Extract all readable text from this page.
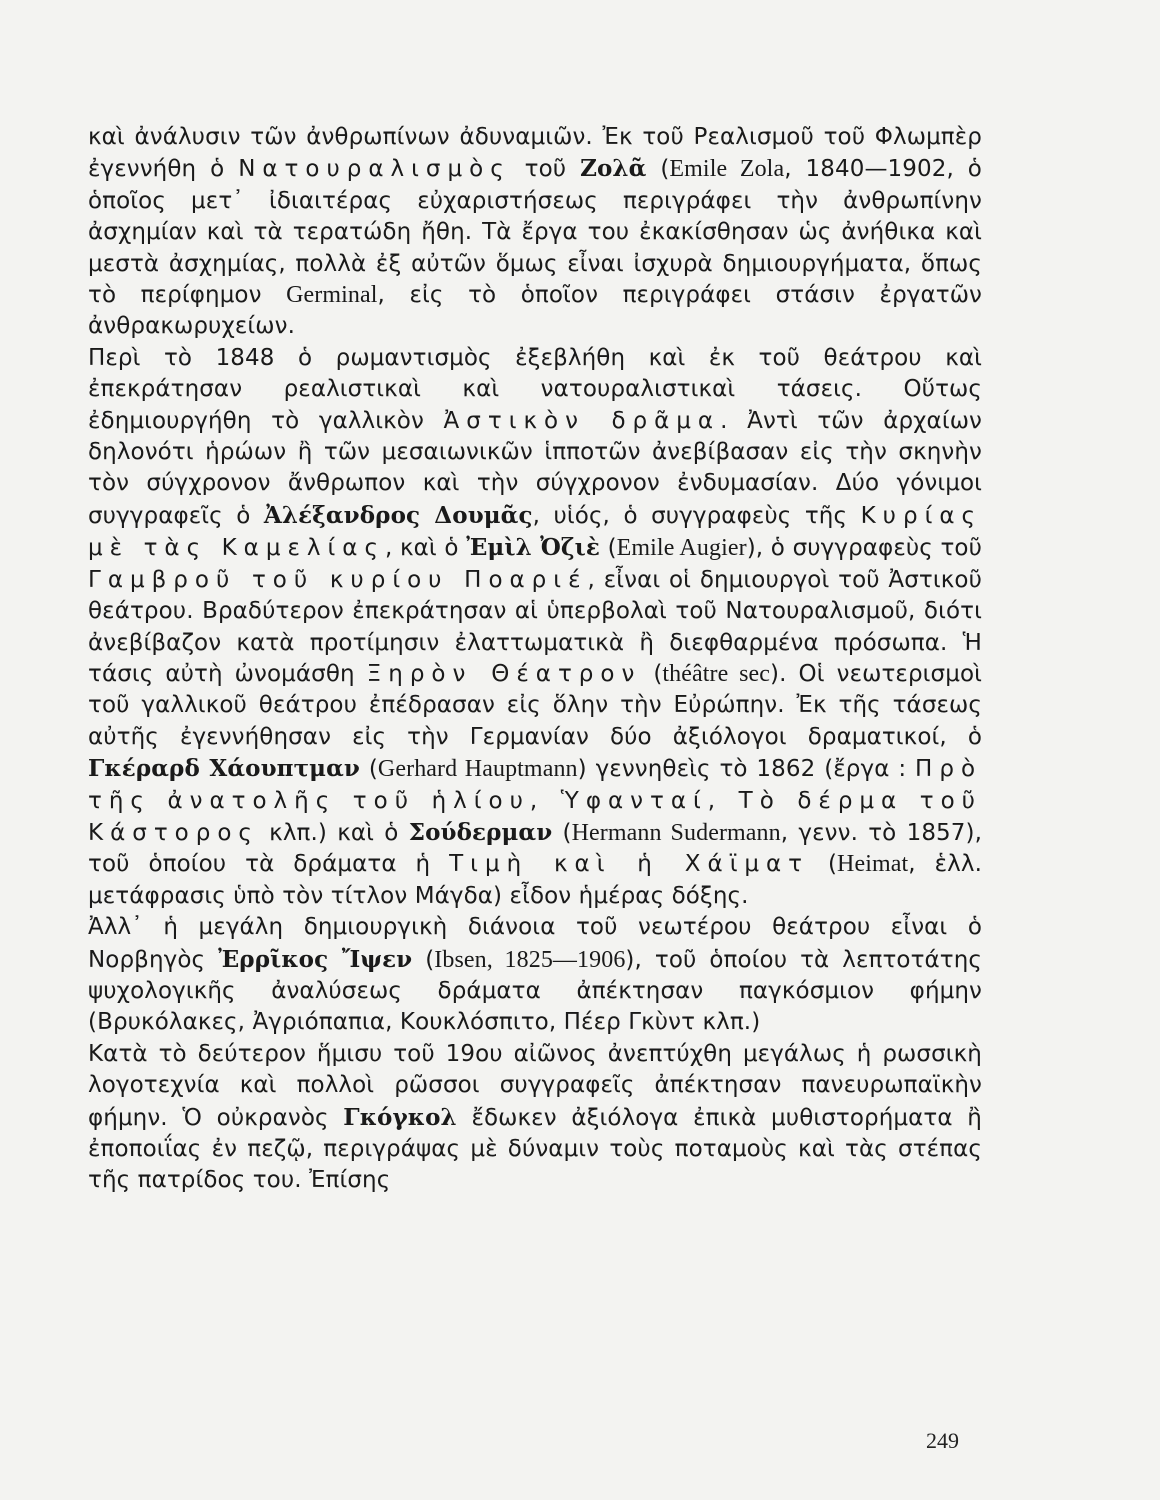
καὶ ἀνάλυσιν τῶν ἀνθρωπίνων ἀδυναμιῶν. Ἐκ τοῦ Ρεαλισμοῦ τοῦ Φλωμπὲρ ἐγεννήθη ὁ Νατουραλισμὸς τοῦ Ζολᾶ (Emile Zola, 1840—1902, ὁ ὁποῖος μετ᾽ ἰδιαιτέρας εὐχαριστήσεως περιγράφει τὴν ἀνθρωπίνην ἀσχημίαν καὶ τὰ τερατώδη ἤθη. Τὰ ἔργα του ἐκακίσθησαν ὡς ἀνήθικα καὶ μεστὰ ἀσχημίας, πολλὰ ἐξ αὐτῶν ὅμως εἶναι ἰσχυρὰ δημιουργήματα, ὅπως τὸ περίφημον Germinal, εἰς τὸ ὁποῖον περιγράφει στάσιν ἐργατῶν ἀνθρακωρυχείων.

Περὶ τὸ 1848 ὁ ρωμαντισμὸς ἐξεβλήθη καὶ ἐκ τοῦ θεάτρου καὶ ἐπεκράτησαν ρεαλιστικαὶ καὶ νατουραλιστικαὶ τάσεις. Οὕτως ἐδημιουργήθη τὸ γαλλικὸν Ἀστικὸν δρᾶμα. Ἀντὶ τῶν ἀρχαίων δηλονότι ἡρώων ἢ τῶν μεσαιωνικῶν ἱπποτῶν ἀνεβίβασαν εἰς τὴν σκηνὴν τὸν σύγχρονον ἄνθρωπον καὶ τὴν σύγχρονον ἐνδυμασίαν. Δύο γόνιμοι συγγραφεῖς ὁ Ἀλέξανδρος Δουμᾶς, υἱός, ὁ συγγραφεὺς τῆς Κυρίας μὲ τὰς Καμελίας, καὶ ὁ Ἐμὶλ Ὀζιὲ (Emile Augier), ὁ συγγραφεὺς τοῦ Γαμβροῦ τοῦ κυρίου Ποαριέ, εἶναι οἱ δημιουργοὶ τοῦ Ἀστικοῦ θεάτρου. Βραδύτερον ἐπεκράτησαν αἱ ὑπερβολαὶ τοῦ Νατουραλισμοῦ, διότι ἀνεβίβαζον κατὰ προτίμησιν ἐλαττωματικὰ ἢ διεφθαρμένα πρόσωπα. Ἡ τάσις αὐτὴ ὠνομάσθη Ξηρὸν Θέατρον (théâtre sec). Οἱ νεωτερισμοὶ τοῦ γαλλικοῦ θεάτρου ἐπέδρασαν εἰς ὅλην τὴν Εὐρώπην. Ἐκ τῆς τάσεως αὐτῆς ἐγεννήθησαν εἰς τὴν Γερμανίαν δύο ἀξιόλογοι δραματικοί, ὁ Γκέραρδ Χάουπτμαν (Gerhard Hauptmann) γεννηθεὶς τὸ 1862 (ἔργα : Πρὸ τῆς ἀνατολῆς τοῦ ἡλίου, Ὑφανταί, Τὸ δέρμα τοῦ Κάστορος κλπ.) καὶ ὁ Σούδερμαν (Hermann Sudermann, γενν. τὸ 1857), τοῦ ὁποίου τὰ δράματα ἡ Τιμὴ καὶ ἡ Χάϊματ (Heimat, ἑλλ. μετάφρασις ὑπὸ τὸν τίτλον Μάγδα) εἶδον ἡμέρας δόξης.

Ἀλλ᾽ ἡ μεγάλη δημιουργικὴ διάνοια τοῦ νεωτέρου θεάτρου εἶναι ὁ Νορβηγὸς Ἐρρῖκος Ἴψεν (Ibsen, 1825—1906), τοῦ ὁποίου τὰ λεπτοτάτης ψυχολογικῆς ἀναλύσεως δράματα ἀπέκτησαν παγκόσμιον φήμην (Βρυκόλακες, Ἀγριόπαπια, Κουκλόσπιτο, Πέερ Γκὺντ κλπ.)

Κατὰ τὸ δεύτερον ἥμισυ τοῦ 19ου αἰῶνος ἀνεπτύχθη μεγάλως ἡ ρωσσικὴ λογοτεχνία καὶ πολλοὶ ρῶσσοι συγγραφεῖς ἀπέκτησαν πανευρωπαϊκὴν φήμην. Ὁ οὐκρανὸς Γκόγκολ ἔδωκεν ἀξιόλογα ἐπικὰ μυθιστορήματα ἢ ἐποποιΐας ἐν πεζῷ, περιγράψας μὲ δύναμιν τοὺς ποταμοὺς καὶ τὰς στέπας τῆς πατρίδος του. Ἐπίσης

249
